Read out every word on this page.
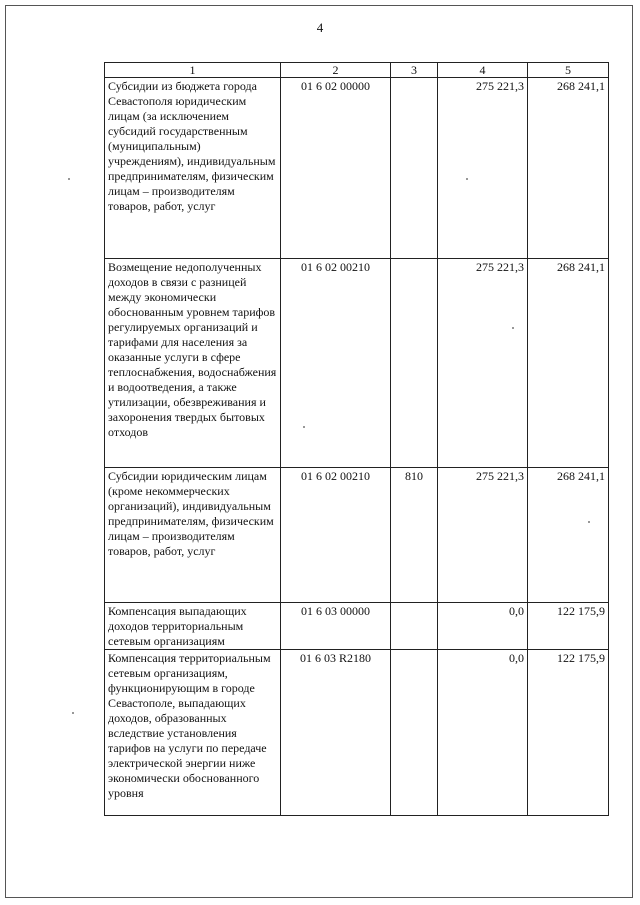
4
1	2	3	4	5
Субсидии из бюджета города Севастополя юридическим лицам (за исключением субсидий государственным (муниципальным) учреждениям), индивидуальным предпринимателям, физическим лицам – производителям товаров, работ, услуг	01 6 02 00000		275 221,3	268 241,1
Возмещение недополученных доходов в связи с разницей между экономически обоснованным уровнем тарифов регулируемых организаций и тарифами для населения за оказанные услуги в сфере теплоснабжения, водоснабжения и водоотведения, а также утилизации, обезвреживания и захоронения твердых бытовых отходов	01 6 02 00210		275 221,3	268 241,1
Субсидии юридическим лицам (кроме некоммерческих организаций), индивидуальным предпринимателям, физическим лицам – производителям товаров, работ, услуг	01 6 02 00210	810	275 221,3	268 241,1
Компенсация выпадающих доходов территориальным сетевым организациям	01 6 03 00000		0,0	122 175,9
Компенсация территориальным сетевым организациям, функционирующим в городе Севастополе, выпадающих доходов, образованных вследствие установления тарифов на услуги по передаче электрической энергии ниже экономически обоснованного уровня	01 6 03 R2180		0,0	122 175,9
